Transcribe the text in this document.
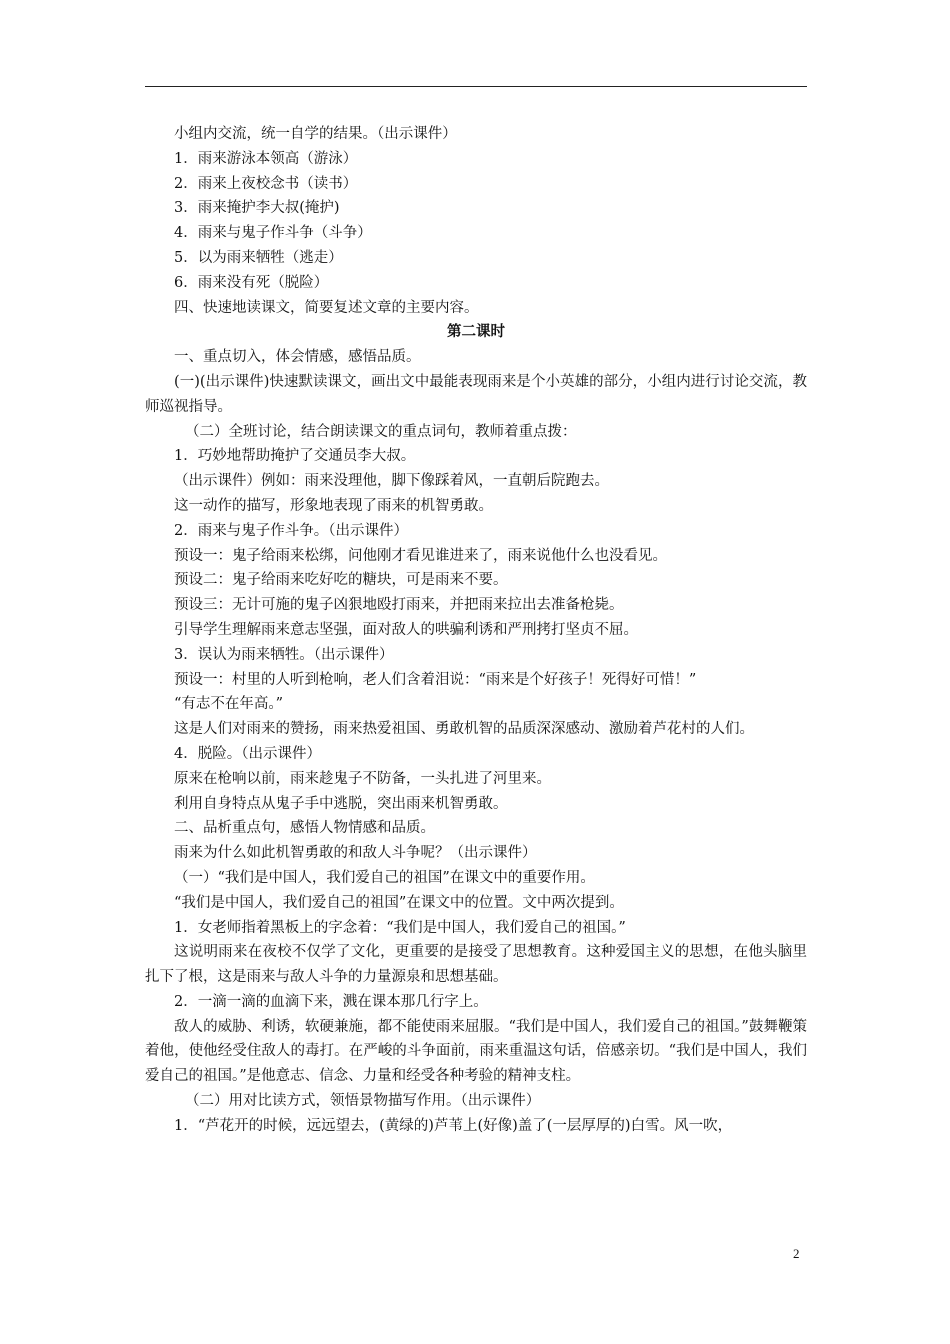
小组内交流，统一自学的结果。（出示课件）

1．雨来游泳本领高（游泳）

2．雨来上夜校念书（读书）

3．雨来掩护李大叔(掩护)

4．雨来与鬼子作斗争（斗争）

5．以为雨来牺牲（逃走）

6．雨来没有死（脱险）

四、快速地读课文，简要复述文章的主要内容。

第二课时

一、重点切入，体会情感，感悟品质。

(一)(出示课件)快速默读课文，画出文中最能表现雨来是个小英雄的部分，小组内进行讨论交流，教师巡视指导。

（二）全班讨论，结合朗读课文的重点词句，教师着重点拨：

1．巧妙地帮助掩护了交通员李大叔。

（出示课件）例如：雨来没理他，脚下像踩着风，一直朝后院跑去。

这一动作的描写，形象地表现了雨来的机智勇敢。

2．雨来与鬼子作斗争。（出示课件）

预设一：鬼子给雨来松绑，问他刚才看见谁进来了，雨来说他什么也没看见。

预设二：鬼子给雨来吃好吃的糖块，可是雨来不要。

预设三：无计可施的鬼子凶狠地殴打雨来，并把雨来拉出去准备枪毙。

引导学生理解雨来意志坚强，面对敌人的哄骗利诱和严刑拷打坚贞不屈。

3．误认为雨来牺牲。（出示课件）

预设一：村里的人听到枪响，老人们含着泪说：“雨来是个好孩子！死得好可惜！”

“有志不在年高。”

这是人们对雨来的赞扬，雨来热爱祖国、勇敢机智的品质深深感动、激励着芦花村的人们。

4．脱险。（出示课件）

原来在枪响以前，雨来趁鬼子不防备，一头扎进了河里来。

利用自身特点从鬼子手中逃脱，突出雨来机智勇敢。

二、品析重点句，感悟人物情感和品质。

雨来为什么如此机智勇敢的和敌人斗争呢？（出示课件）

（一）“我们是中国人，我们爱自己的祖国”在课文中的重要作用。

“我们是中国人，我们爱自己的祖国”在课文中的位置。文中两次提到。

1．女老师指着黑板上的字念着：“我们是中国人，我们爱自己的祖国。”

这说明雨来在夜校不仅学了文化，更重要的是接受了思想教育。这种爱国主义的思想，在他头脑里扎下了根，这是雨来与敌人斗争的力量源泉和思想基础。

2．一滴一滴的血滴下来，溅在课本那几行字上。

敌人的威胁、利诱，软硬兼施，都不能使雨来屈服。“我们是中国人，我们爱自己的祖国。”鼓舞鞭策着他，使他经受住敌人的毒打。在严峻的斗争面前，雨来重温这句话，倍感亲切。“我们是中国人，我们爱自己的祖国。”是他意志、信念、力量和经受各种考验的精神支柱。

（二）用对比读方式，领悟景物描写作用。（出示课件）

1．“芦花开的时候，远远望去，(黄绿的)芦苇上(好像)盖了(一层厚厚的)白雪。风一吹，

2
